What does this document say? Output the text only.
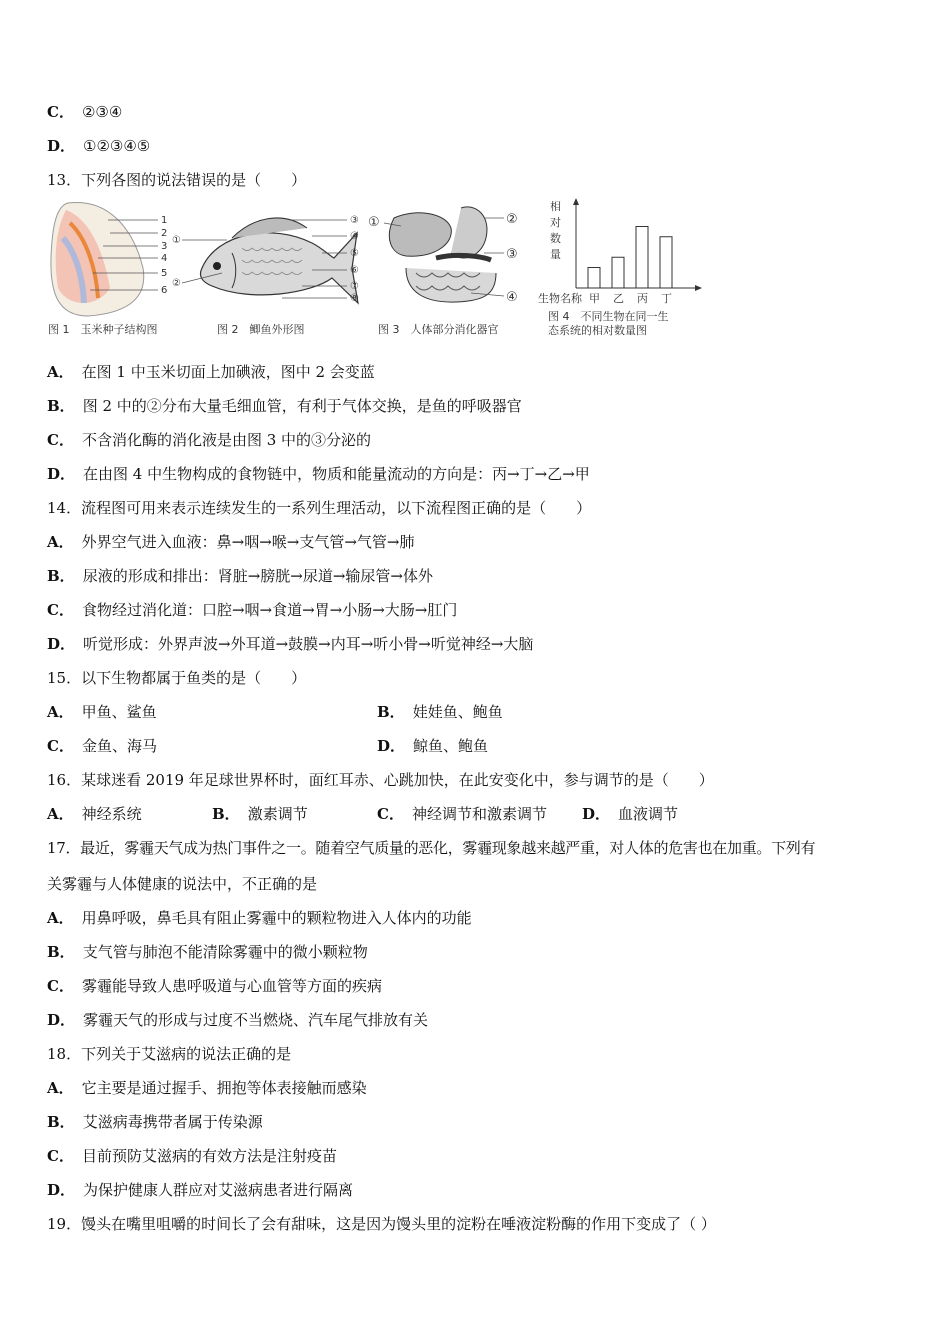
C． ②③④
D． ①②③④⑤
13．下列各图的说法错误的是（　　）
1
2
3
4
5
6
图 1　玉米种子结构图
①
②
③
④
⑤
⑥
⑦
⑧
图 2　鲫鱼外形图
①	②
③
④
图 3　人体部分消化器官
相
对
数
量
生物名称 甲 乙 丙 丁
图 4　不同生物在同一生
态系统的相对数量图
A． 在图 1 中玉米切面上加碘液，图中 2 会变蓝
B． 图 2 中的②分布大量毛细血管，有利于气体交换，是鱼的呼吸器官
C． 不含消化酶的消化液是由图 3 中的③分泌的
D． 在由图 4 中生物构成的食物链中，物质和能量流动的方向是：丙→丁→乙→甲
14．流程图可用来表示连续发生的一系列生理活动，以下流程图正确的是（　　）
A． 外界空气进入血液：鼻→咽→喉→支气管→气管→肺
B． 尿液的形成和排出：肾脏→膀胱→尿道→输尿管→体外
C． 食物经过消化道：口腔→咽→食道→胃→小肠→大肠→肛门
D． 听觉形成：外界声波→外耳道→鼓膜→内耳→听小骨→听觉神经→大脑
15．以下生物都属于鱼类的是（　　）
A． 甲鱼、鲨鱼	B． 娃娃鱼、鲍鱼
C． 金鱼、海马	D． 鲸鱼、鲍鱼
16．某球迷看 2019 年足球世界杯时，面红耳赤、心跳加快，在此安变化中，参与调节的是（　　）
A． 神经系统	B． 激素调节	C． 神经调节和激素调节 D． 血液调节
17．最近，雾霾天气成为热门事件之一。随着空气质量的恶化，雾霾现象越来越严重，对人体的危害也在加重。下列有
关雾霾与人体健康的说法中，不正确的是
A． 用鼻呼吸，鼻毛具有阻止雾霾中的颗粒物进入人体内的功能
B． 支气管与肺泡不能清除雾霾中的微小颗粒物
C． 雾霾能导致人患呼吸道与心血管等方面的疾病
D． 雾霾天气的形成与过度不当燃烧、汽车尾气排放有关
18．下列关于艾滋病的说法正确的是
A． 它主要是通过握手、拥抱等体表接触而感染
B． 艾滋病毒携带者属于传染源
C． 目前预防艾滋病的有效方法是注射疫苗
D． 为保护健康人群应对艾滋病患者进行隔离
19．馒头在嘴里咀嚼的时间长了会有甜味，这是因为馒头里的淀粉在唾液淀粉酶的作用下变成了（ ）
